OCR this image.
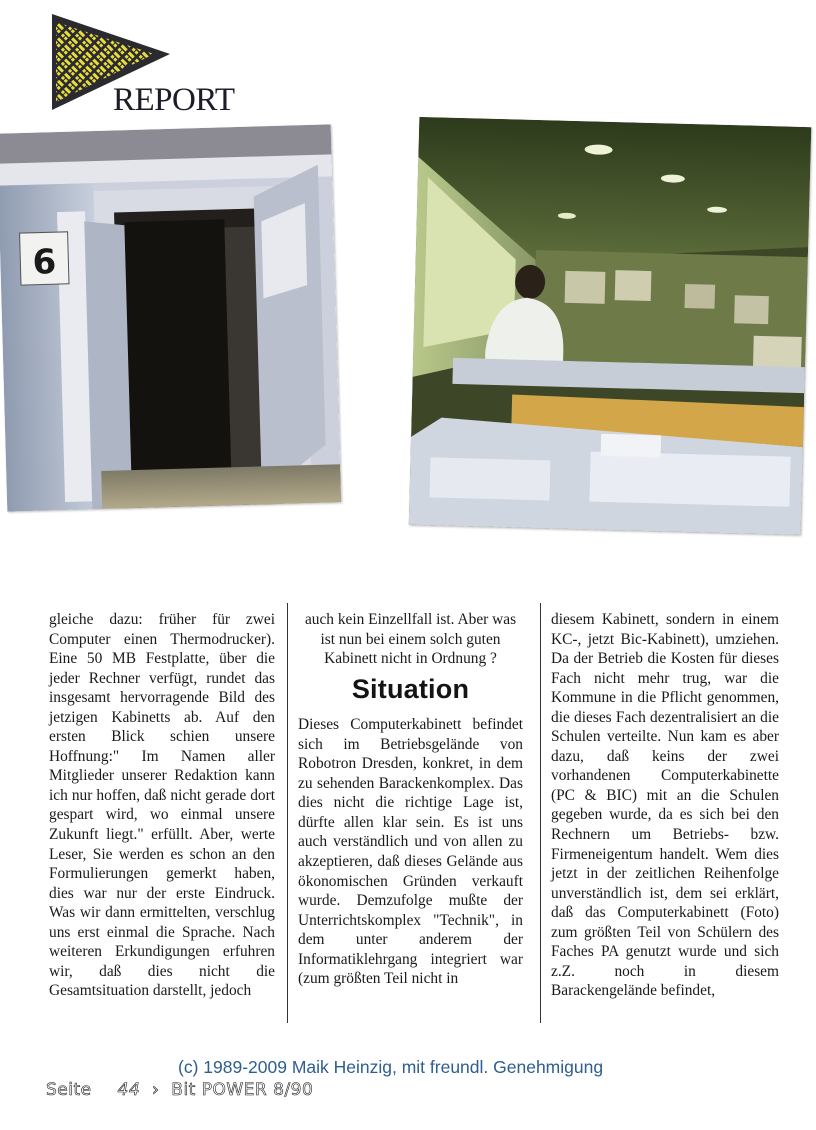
REPORT
6

gleiche dazu: früher für zwei Computer einen Thermodrucker). Eine 50 MB Festplatte, über die jeder Rechner verfügt, rundet das insgesamt hervorragende Bild des jetzigen Kabinetts ab. Auf den ersten Blick schien unsere Hoffnung:" Im Namen aller Mitglieder unserer Redaktion kann ich nur hoffen, daß nicht gerade dort gespart wird, wo einmal unsere Zukunft liegt." erfüllt. Aber, werte Leser, Sie werden es schon an den Formulierungen gemerkt haben, dies war nur der erste Eindruck. Was wir dann ermittelten, verschlug uns erst einmal die Sprache. Nach weiteren Erkundigungen erfuhren wir, daß dies nicht die Gesamtsituation darstellt, jedoch

auch kein Einzellfall ist. Aber was ist nun bei einem solch guten Kabinett nicht in Ordnung ?

Situation

Dieses Computerkabinett befindet sich im Betriebsgelände von Robotron Dresden, konkret, in dem zu sehenden Barackenkomplex. Das dies nicht die richtige Lage ist, dürfte allen klar sein. Es ist uns auch verständlich und von allen zu akzeptieren, daß dieses Gelände aus ökonomischen Gründen verkauft wurde. Demzufolge mußte der Unterrichtskomplex "Technik", in dem unter anderem der Informatiklehrgang integriert war (zum größten Teil nicht in

diesem Kabinett, sondern in einem KC-, jetzt Bic-Kabinett), umziehen. Da der Betrieb die Kosten für dieses Fach nicht mehr trug, war die Kommune in die Pflicht genommen, die dieses Fach dezentralisiert an die Schulen verteilte. Nun kam es aber dazu, daß keins der zwei vorhandenen Computerkabinette (PC & BIC) mit an die Schulen gegeben wurde, da es sich bei den Rechnern um Betriebs- bzw. Firmeneigentum handelt. Wem dies jetzt in der zeitlichen Reihenfolge unverständlich ist, dem sei erklärt, daß das Computerkabinett (Foto) zum größten Teil von Schülern des Faches PA genutzt wurde und sich z.Z. noch in diesem Barackengelände befindet,

(c) 1989-2009 Maik Heinzig, mit freundl. Genehmigung
Seite 44 › Bit POWER 8/90
